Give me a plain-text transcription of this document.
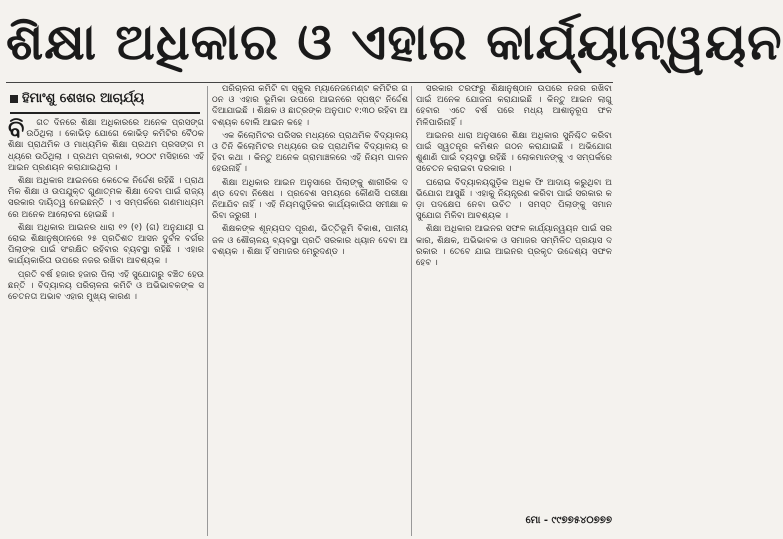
ଶିକ୍ଷା ଅଧିକାର ଓ ଏହାର କାର୍ଯ୍ୟାନ୍ୱୟନ
ହିମାଂଶୁ ଶେଖର ଆଚାର୍ଯ୍ୟ
ବି	ଗତ ଦିନରେ ଶିକ୍ଷା ଅଧିକାରରେ ଅନେକ ପ୍ରସଙ୍ଗ ଉଠିଥିଲା । କୋଭିଡ଼ ଯୋଗେ କୋଭିଡ଼ କମିଟିର ବୈଠକ ଶିକ୍ଷା ପ୍ରାଥମିକ ଓ ମାଧ୍ୟମିକ ଶିକ୍ଷା ପ୍ରଥମ ପ୍ରସଙ୍ଗ ମଧ୍ୟରେ ଉଠିଥିଲା । ପ୍ରଥମ ପ୍ରକାଶ, ୨୦୦୯ ମସିହାରେ ଏହି ଆଇନ ପ୍ରଣୟନ କରାଯାଇଥିଲା ।

ଶିକ୍ଷା ଅଧିକାର ଆଇନରେ କେତେକ ନିର୍ଦ୍ଦେଶ ରହିଛି । ପ୍ରାଥମିକ ଶିକ୍ଷା ଓ ଉପଯୁକ୍ତ ଗୁଣାତ୍ମକ ଶିକ୍ଷା ଦେବା ପାଇଁ ରାଜ୍ୟ ସରକାର ଦାୟିତ୍ୱ ନେଇଛନ୍ତି । ଏ ସମ୍ପର୍କରେ ଗଣମାଧ୍ୟମରେ ଅନେକ ଆଲୋଚନା ହୋଇଛି ।

ଶିକ୍ଷା ଅଧିକାର ଆଇନର ଧାରା ୧୨ (୧) (ଗ) ଅନୁଯାୟୀ ଘରୋଇ ଶିକ୍ଷାନୁଷ୍ଠାନରେ ୨୫ ପ୍ରତିଶତ ଆସନ ଦୁର୍ବଳ ବର୍ଗର ପିଲାଙ୍କ ପାଇଁ ସଂରକ୍ଷିତ ରହିବାର ବ୍ୟବସ୍ଥା ରହିଛି । ଏହାର କାର୍ଯ୍ୟକାରିତା ଉପରେ ନଜର ରଖିବା ଆବଶ୍ୟକ ।

ପ୍ରତି ବର୍ଷ ହଜାର ହଜାର ପିଲା ଏହି ସୁଯୋଗରୁ ବଞ୍ଚିତ ହେଉଛନ୍ତି । ବିଦ୍ୟାଳୟ ପରିଚାଳନା କମିଟି ଓ ଅଭିଭାବକଙ୍କ ସଚେତନତା ଅଭାବ ଏହାର ମୁଖ୍ୟ କାରଣ ।

ପରିଚାଳନା କମିଟି ବା ସ୍କୁଲ ମ୍ୟାନେଜମେଣ୍ଟ କମିଟିର ଗଠନ ଓ ଏହାର ଭୂମିକା ଉପରେ ଆଇନରେ ସ୍ପଷ୍ଟ ନିର୍ଦ୍ଦେଶ ଦିଆଯାଇଛି । ଶିକ୍ଷକ ଓ ଛାତ୍ରଙ୍କ ଅନୁପାତ ୧:୩୦ ରହିବା ଆବଶ୍ୟକ ବୋଲି ଆଇନ କହେ ।

ଏକ କିଲୋମିଟର ପରିସର ମଧ୍ୟରେ ପ୍ରାଥମିକ ବିଦ୍ୟାଳୟ ଓ ତିନି କିଲୋମିଟର ମଧ୍ୟରେ ଉଚ୍ଚ ପ୍ରାଥମିକ ବିଦ୍ୟାଳୟ ରହିବା କଥା । କିନ୍ତୁ ଅନେକ ଗ୍ରାମାଞ୍ଚଳରେ ଏହି ନିୟମ ପାଳନ ହେଉନାହିଁ ।

ଶିକ୍ଷା ଅଧିକାର ଆଇନ ଅନୁସାରେ ପିଲାଙ୍କୁ ଶାରୀରିକ ଦଣ୍ଡ ଦେବା ନିଷେଧ । ପ୍ରବେଶ ସମୟରେ କୌଣସି ପରୀକ୍ଷା ନିଆଯିବ ନାହିଁ । ଏହି ନିୟମଗୁଡ଼ିକର କାର୍ଯ୍ୟକାରିତା ସମୀକ୍ଷା କରିବା ଜରୁରୀ ।

ଶିକ୍ଷକଙ୍କ ଶୂନ୍ୟପଦ ପୂରଣ, ଭିତ୍ତିଭୂମି ବିକାଶ, ପାନୀୟ ଜଳ ଓ ଶୌଚାଳୟ ବ୍ୟବସ୍ଥା ପ୍ରତି ସରକାର ଧ୍ୟାନ ଦେବା ଆବଶ୍ୟକ । ଶିକ୍ଷା ହିଁ ସମାଜର ମେରୁଦଣ୍ଡ ।

ସରକାର ତରଫରୁ ଶିକ୍ଷାନୁଷ୍ଠାନ ଉପରେ ନଜର ରଖିବା ପାଇଁ ଅନେକ ଯୋଜନା କରାଯାଇଛି । କିନ୍ତୁ ଆଇନ ଲାଗୁ ହେବାର ଏତେ ବର୍ଷ ପରେ ମଧ୍ୟ ଆଶାନୁରୂପ ଫଳ ମିଳିପାରିନାହିଁ ।

ଆଇନର ଧାରା ଅନୁସାରେ ଶିକ୍ଷା ଅଧିକାର ସୁନିଶ୍ଚିତ କରିବା ପାଇଁ ସ୍ୱତନ୍ତ୍ର କମିଶନ ଗଠନ କରାଯାଇଛି । ଅଭିଯୋଗ ଶୁଣାଣି ପାଇଁ ବ୍ୟବସ୍ଥା ରହିଛି । ଲୋକମାନଙ୍କୁ ଏ ସମ୍ପର୍କରେ ସଚେତନ କରାଇବା ଦରକାର ।

ଘରୋଇ ବିଦ୍ୟାଳୟଗୁଡ଼ିକ ଅଧିକ ଫି ଆଦାୟ କରୁଥିବା ଅଭିଯୋଗ ଆସୁଛି । ଏହାକୁ ନିୟନ୍ତ୍ରଣ କରିବା ପାଇଁ ସରକାର କଡ଼ା ପଦକ୍ଷେପ ନେବା ଉଚିତ । ସମସ୍ତ ପିଲାଙ୍କୁ ସମାନ ସୁଯୋଗ ମିଳିବା ଆବଶ୍ୟକ ।

ଶିକ୍ଷା ଅଧିକାର ଆଇନର ସଫଳ କାର୍ଯ୍ୟାନ୍ୱୟନ ପାଇଁ ସରକାର, ଶିକ୍ଷକ, ଅଭିଭାବକ ଓ ସମାଜର ସମ୍ମିଳିତ ପ୍ରୟାସ ଦରକାର । ତେବେ ଯାଇ ଆଇନର ପ୍ରକୃତ ଉଦ୍ଦେଶ୍ୟ ସଫଳ ହେବ ।

ମୋ - ୯୯୭୭୫୪୦୭୭୭
